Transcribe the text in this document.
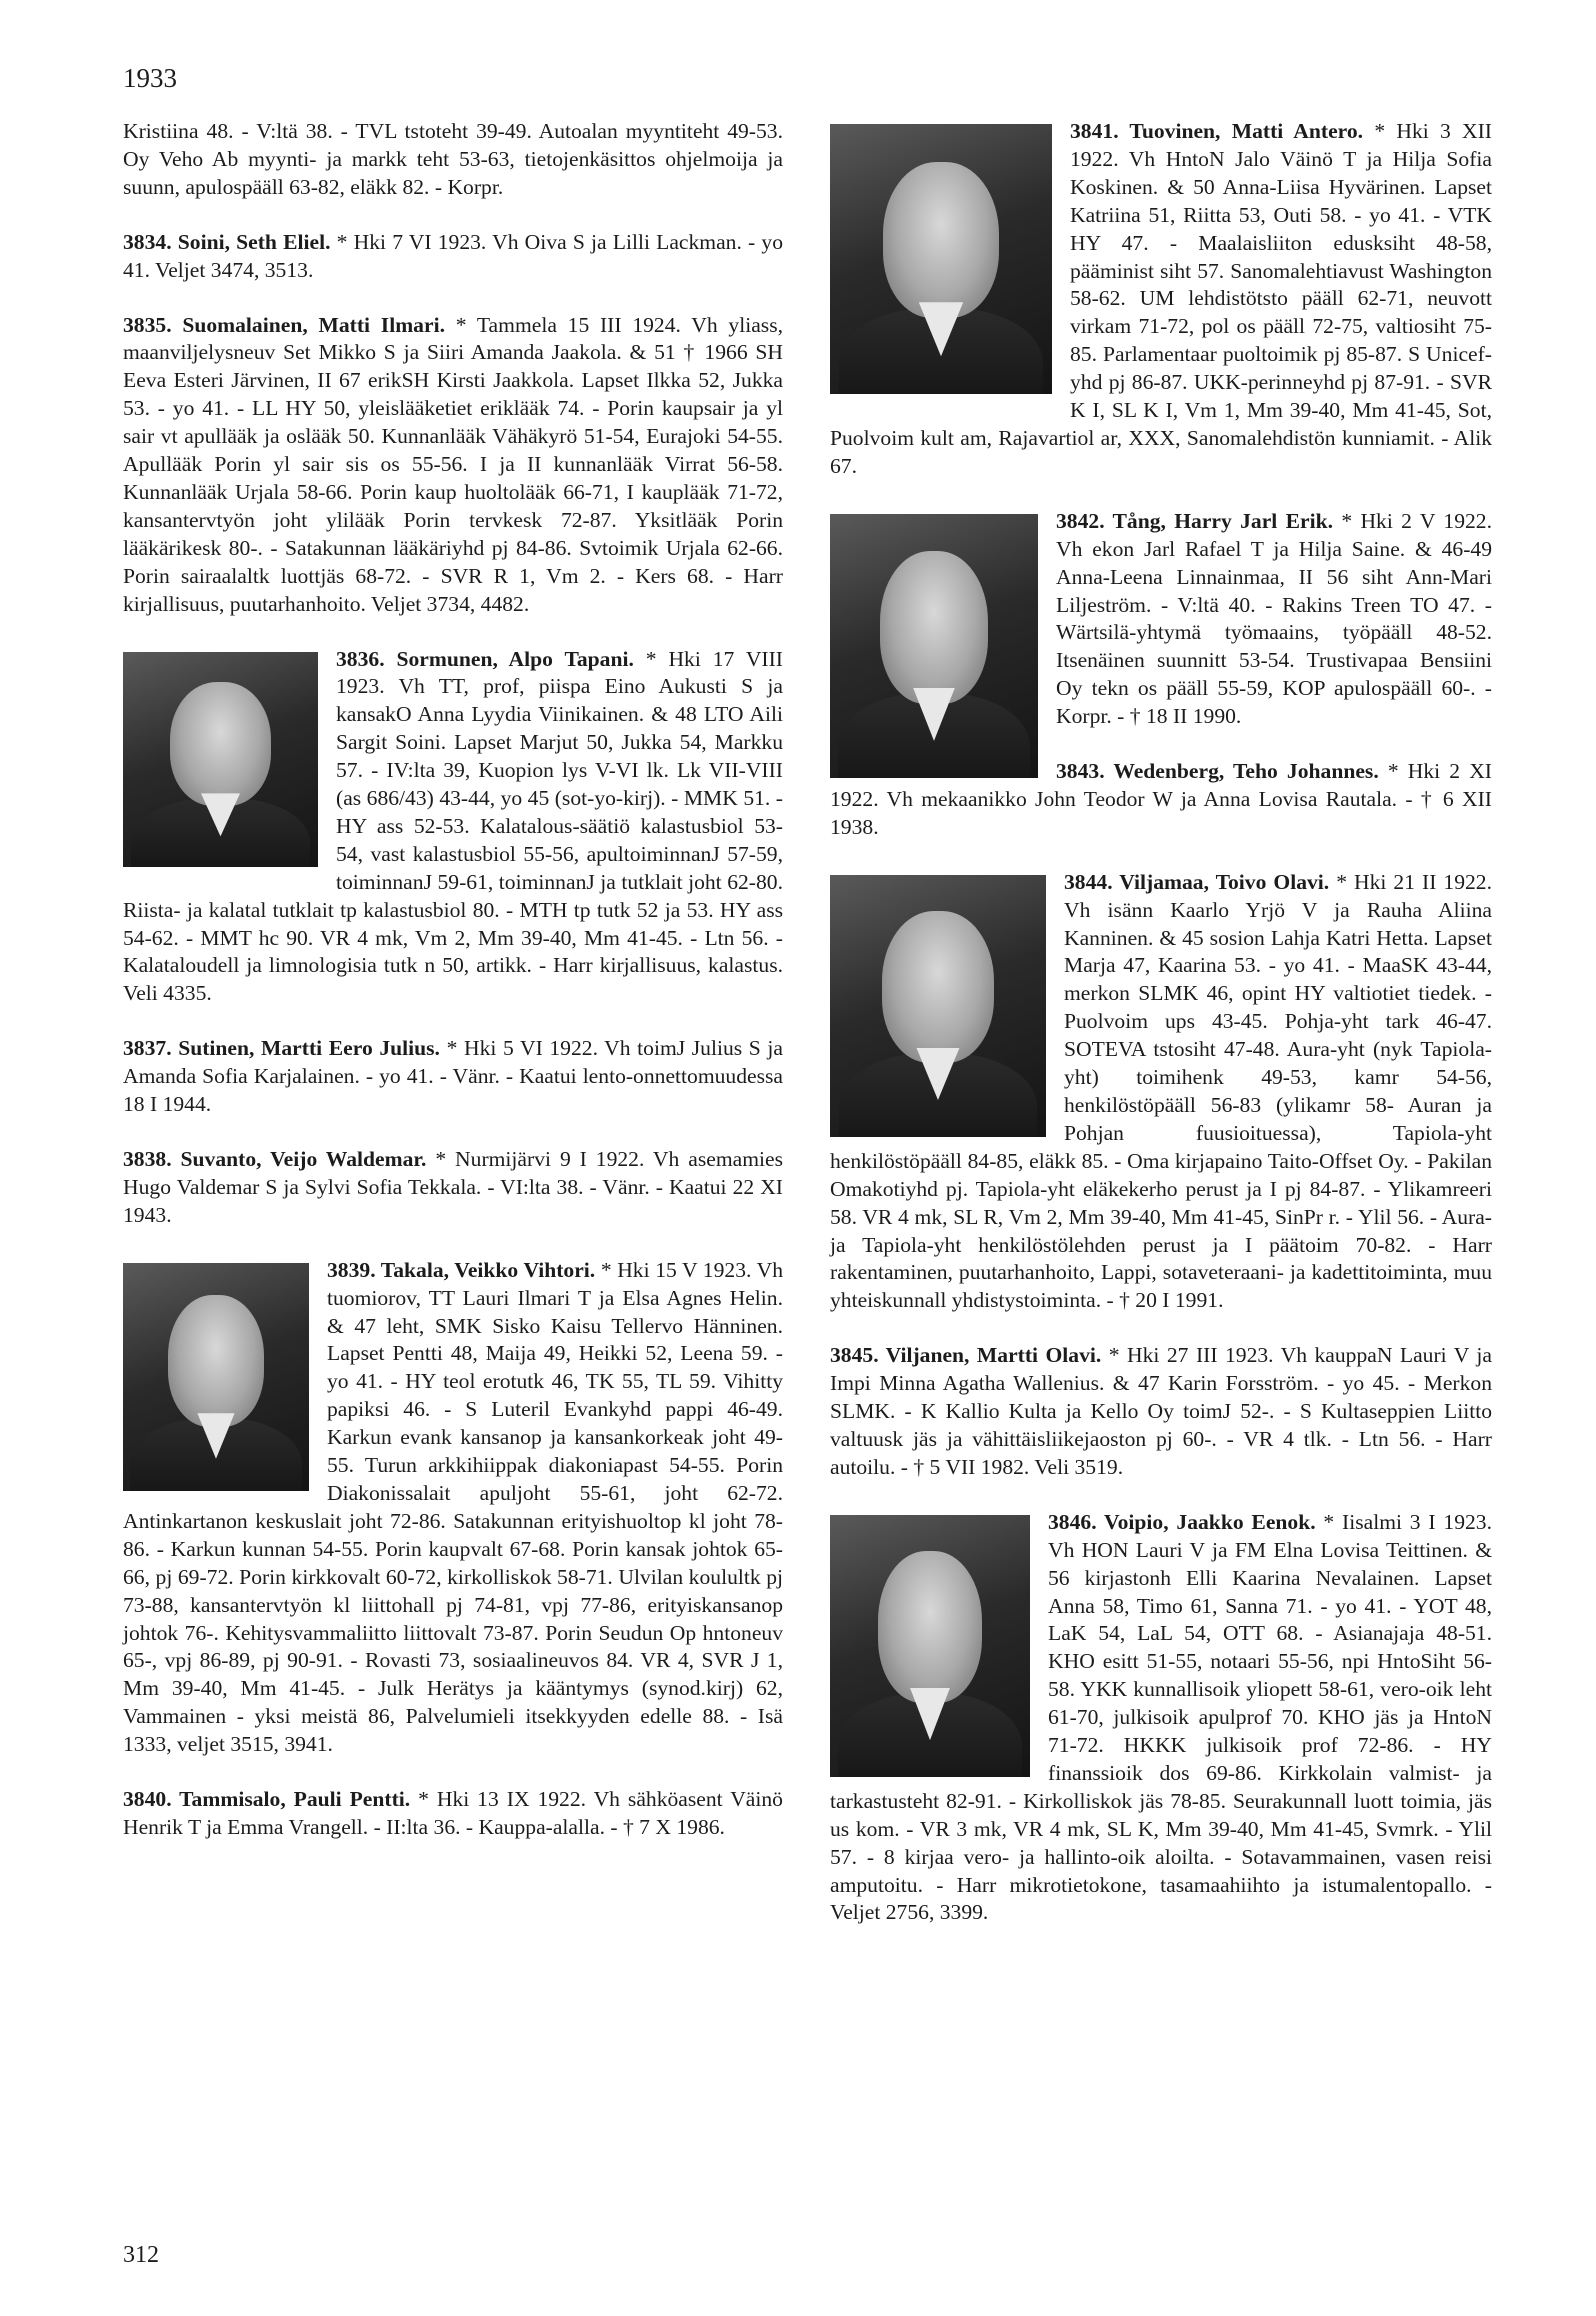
1933

Kristiina 48. - V:ltä 38. - TVL tstoteht 39-49. Autoalan myyntiteht 49-53. Oy Veho Ab myynti- ja markk teht 53-63, tietojenkäsittos ohjelmoija ja suunn, apulospääll 63-82, eläkk 82. - Korpr.

3834. Soini, Seth Eliel. * Hki 7 VI 1923. Vh Oiva S ja Lilli Lackman. - yo 41. Veljet 3474, 3513.

3835. Suomalainen, Matti Ilmari. * Tammela 15 III 1924. Vh yliass, maanviljelysneuv Set Mikko S ja Siiri Amanda Jaakola. & 51 † 1966 SH Eeva Esteri Järvinen, II 67 erikSH Kirsti Jaakkola. Lapset Ilkka 52, Jukka 53. - yo 41. - LL HY 50, yleislääketiet eriklääk 74. - Porin kaupsair ja yl sair vt apullääk ja oslääk 50. Kunnanlääk Vähäkyrö 51-54, Eurajoki 54-55. Apullääk Porin yl sair sis os 55-56. I ja II kunnanlääk Virrat 56-58. Kunnanlääk Urjala 58-66. Porin kaup huoltolääk 66-71, I kauplääk 71-72, kansantervtyön joht ylilääk Porin tervkesk 72-87. Yksitlääk Porin lääkärikesk 80-. - Satakunnan lääkäriyhd pj 84-86. Svtoimik Urjala 62-66. Porin sairaalaltk luottjäs 68-72. - SVR R 1, Vm 2. - Kers 68. - Harr kirjallisuus, puutarhanhoito. Veljet 3734, 4482.

3836. Sormunen, Alpo Tapani. * Hki 17 VIII 1923. Vh TT, prof, piispa Eino Aukusti S ja kansakO Anna Lyydia Viinikainen. & 48 LTO Aili Sargit Soini. Lapset Marjut 50, Jukka 54, Markku 57. - IV:lta 39, Kuopion lys V-VI lk. Lk VII-VIII (as 686/43) 43-44, yo 45 (sot-yo-kirj). - MMK 51. - HY ass 52-53. Kalatalous-säätiö kalastusbiol 53-54, vast kalastusbiol 55-56, apultoiminnanJ 57-59, toiminnanJ 59-61, toiminnanJ ja tutklait joht 62-80. Riista- ja kalatal tutklait tp kalastusbiol 80. - MTH tp tutk 52 ja 53. HY ass 54-62. - MMT hc 90. VR 4 mk, Vm 2, Mm 39-40, Mm 41-45. - Ltn 56. - Kalataloudell ja limnologisia tutk n 50, artikk. - Harr kirjallisuus, kalastus. Veli 4335.

3837. Sutinen, Martti Eero Julius. * Hki 5 VI 1922. Vh toimJ Julius S ja Amanda Sofia Karjalainen. - yo 41. - Vänr. - Kaatui lento-onnettomuudessa 18 I 1944.

3838. Suvanto, Veijo Waldemar. * Nurmijärvi 9 I 1922. Vh asemamies Hugo Valdemar S ja Sylvi Sofia Tekkala. - VI:lta 38. - Vänr. - Kaatui 22 XI 1943.

3839. Takala, Veikko Vihtori. * Hki 15 V 1923. Vh tuomiorov, TT Lauri Ilmari T ja Elsa Agnes Helin. & 47 leht, SMK Sisko Kaisu Tellervo Hänninen. Lapset Pentti 48, Maija 49, Heikki 52, Leena 59. - yo 41. - HY teol erotutk 46, TK 55, TL 59. Vihitty papiksi 46. - S Luteril Evankyhd pappi 46-49. Karkun evank kansanop ja kansankorkeak joht 49-55. Turun arkkihiippak diakoniapast 54-55. Porin Diakonissalait apuljoht 55-61, joht 62-72. Antinkartanon keskuslait joht 72-86. Satakunnan erityishuoltop kl joht 78-86. - Karkun kunnan 54-55. Porin kaupvalt 67-68. Porin kansak johtok 65-66, pj 69-72. Porin kirkkovalt 60-72, kirkolliskok 58-71. Ulvilan koulultk pj 73-88, kansantervtyön kl liittohall pj 74-81, vpj 77-86, erityiskansanop johtok 76-. Kehitysvammaliitto liittovalt 73-87. Porin Seudun Op hntoneuv 65-, vpj 86-89, pj 90-91. - Rovasti 73, sosiaalineuvos 84. VR 4, SVR J 1, Mm 39-40, Mm 41-45. - Julk Herätys ja kääntymys (synod.kirj) 62, Vammainen - yksi meistä 86, Palvelumieli itsekkyyden edelle 88. - Isä 1333, veljet 3515, 3941.

3840. Tammisalo, Pauli Pentti. * Hki 13 IX 1922. Vh sähköasent Väinö Henrik T ja Emma Vrangell. - II:lta 36. - Kauppa-alalla. - † 7 X 1986.

3841. Tuovinen, Matti Antero. * Hki 3 XII 1922. Vh HntoN Jalo Väinö T ja Hilja Sofia Koskinen. & 50 Anna-Liisa Hyvärinen. Lapset Katriina 51, Riitta 53, Outi 58. - yo 41. - VTK HY 47. - Maalaisliiton edusksiht 48-58, pääminist siht 57. Sanomalehtiavust Washington 58-62. UM lehdistötsto pääll 62-71, neuvott virkam 71-72, pol os pääll 72-75, valtiosiht 75-85. Parlamentaar puoltoimik pj 85-87. S Unicef-yhd pj 86-87. UKK-perinneyhd pj 87-91. - SVR K I, SL K I, Vm 1, Mm 39-40, Mm 41-45, Sot, Puolvoim kult am, Rajavartiol ar, XXX, Sanomalehdistön kunniamit. - Alik 67.

3842. Tång, Harry Jarl Erik. * Hki 2 V 1922. Vh ekon Jarl Rafael T ja Hilja Saine. & 46-49 Anna-Leena Linnainmaa, II 56 siht Ann-Mari Liljeström. - V:ltä 40. - Rakins Treen TO 47. - Wärtsilä-yhtymä työmaains, työpääll 48-52. Itsenäinen suunnitt 53-54. Trustivapaa Bensiini Oy tekn os pääll 55-59, KOP apulospääll 60-. - Korpr. - † 18 II 1990.

3843. Wedenberg, Teho Johannes. * Hki 2 XI 1922. Vh mekaanikko John Teodor W ja Anna Lovisa Rautala. - † 6 XII 1938.

3844. Viljamaa, Toivo Olavi. * Hki 21 II 1922. Vh isänn Kaarlo Yrjö V ja Rauha Aliina Kanninen. & 45 sosion Lahja Katri Hetta. Lapset Marja 47, Kaarina 53. - yo 41. - MaaSK 43-44, merkon SLMK 46, opint HY valtiotiet tiedek. - Puolvoim ups 43-45. Pohja-yht tark 46-47. SOTEVA tstosiht 47-48. Aura-yht (nyk Tapiola-yht) toimihenk 49-53, kamr 54-56, henkilöstöpääll 56-83 (ylikamr 58- Auran ja Pohjan fuusioituessa), Tapiola-yht henkilöstöpääll 84-85, eläkk 85. - Oma kirjapaino Taito-Offset Oy. - Pakilan Omakotiyhd pj. Tapiola-yht eläkekerho perust ja I pj 84-87. - Ylikamreeri 58. VR 4 mk, SL R, Vm 2, Mm 39-40, Mm 41-45, SinPr r. - Ylil 56. - Aura- ja Tapiola-yht henkilöstölehden perust ja I päätoim 70-82. - Harr rakentaminen, puutarhanhoito, Lappi, sotaveteraani- ja kadettitoiminta, muu yhteiskunnall yhdistystoiminta. - † 20 I 1991.

3845. Viljanen, Martti Olavi. * Hki 27 III 1923. Vh kauppaN Lauri V ja Impi Minna Agatha Wallenius. & 47 Karin Forsström. - yo 45. - Merkon SLMK. - K Kallio Kulta ja Kello Oy toimJ 52-. - S Kultaseppien Liitto valtuusk jäs ja vähittäisliikejaoston pj 60-. - VR 4 tlk. - Ltn 56. - Harr autoilu. - † 5 VII 1982. Veli 3519.

3846. Voipio, Jaakko Eenok. * Iisalmi 3 I 1923. Vh HON Lauri V ja FM Elna Lovisa Teittinen. & 56 kirjastonh Elli Kaarina Nevalainen. Lapset Anna 58, Timo 61, Sanna 71. - yo 41. - YOT 48, LaK 54, LaL 54, OTT 68. - Asianajaja 48-51. KHO esitt 51-55, notaari 55-56, npi HntoSiht 56-58. YKK kunnallisoik yliopett 58-61, vero-oik leht 61-70, julkisoik apulprof 70. KHO jäs ja HntoN 71-72. HKKK julkisoik prof 72-86. - HY finanssioik dos 69-86. Kirkkolain valmist- ja tarkastusteht 82-91. - Kirkolliskok jäs 78-85. Seurakunnall luott toimia, jäs us kom. - VR 3 mk, VR 4 mk, SL K, Mm 39-40, Mm 41-45, Svmrk. - Ylil 57. - 8 kirjaa vero- ja hallinto-oik aloilta. - Sotavammainen, vasen reisi amputoitu. - Harr mikrotietokone, tasamaahiihto ja istumalentopallo. - Veljet 2756, 3399.

312
